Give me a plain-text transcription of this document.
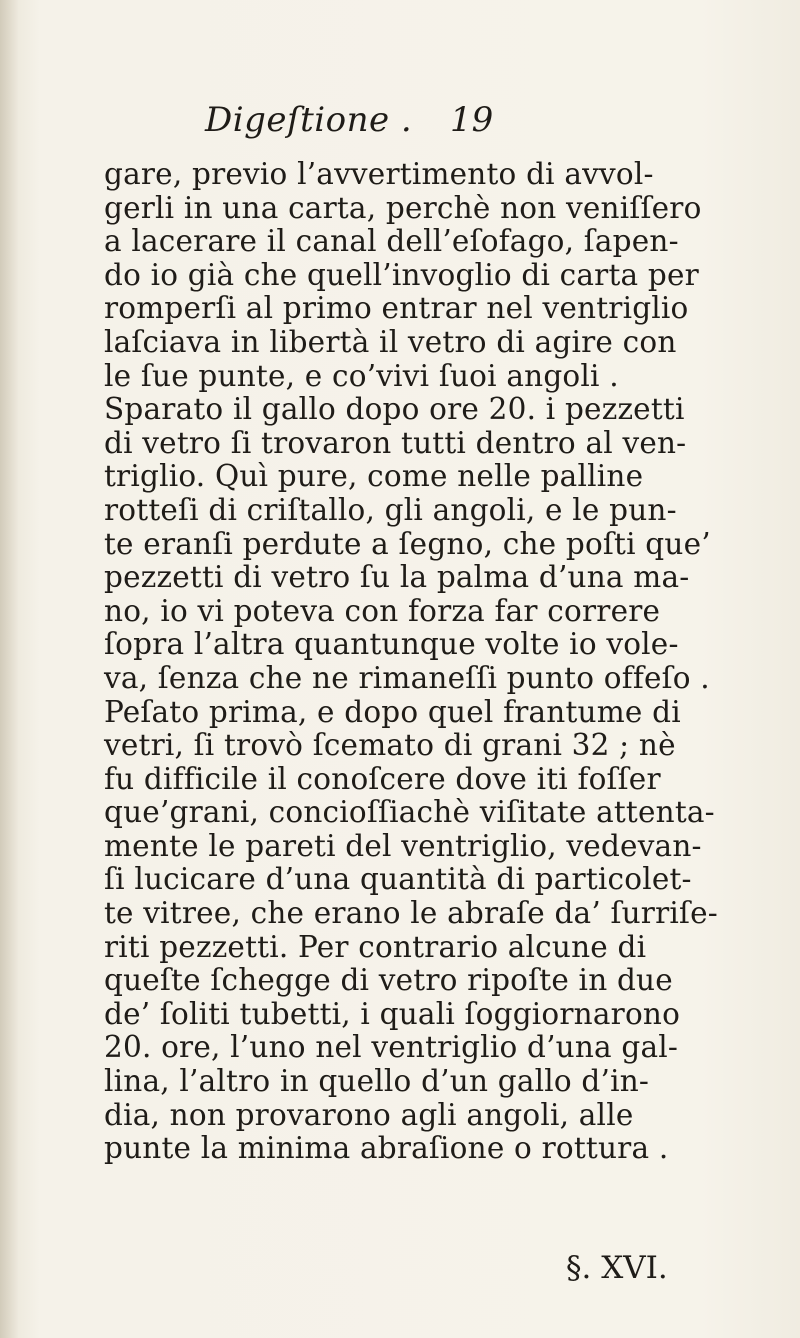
Digeſtione . 19
gare, previo l’avvertimento di avvol-
gerli in una carta, perchè non veniſſero
a lacerare il canal dell’eſofago, ſapen-
do io già che quell’invoglio di carta per
romperſi al primo entrar nel ventriglio
laſciava in libertà il vetro di agire con
le ſue punte, e co’vivi ſuoi angoli .
Sparato il gallo dopo ore 20. i pezzetti
di vetro ſi trovaron tutti dentro al ven-
triglio. Quì pure, come nelle palline
rotteſi di criſtallo, gli angoli, e le pun-
te eranſi perdute a ſegno, che poſti que’
pezzetti di vetro ſu la palma d’una ma-
no, io vi poteva con forza far correre
ſopra l’altra quantunque volte io vole-
va, ſenza che ne rimaneſſi punto offeſo .
Peſato prima, e dopo quel frantume di
vetri, ſi trovò ſcemato di grani 32 ; nè
fu difficile il conoſcere dove iti foſſer
que’grani, concioſſiachè viſitate attenta-
mente le pareti del ventriglio, vedevan-
ſi lucicare d’una quantità di particolet-
te vitree, che erano le abraſe da’ ſurriſe-
riti pezzetti. Per contrario alcune di
queſte ſchegge di vetro ripoſte in due
de’ ſoliti tubetti, i quali ſoggiornarono
20. ore, l’uno nel ventriglio d’una gal-
lina, l’altro in quello d’un gallo d’in-
dia, non provarono agli angoli, alle
punte la minima abraſione o rottura .
§. XVI.
